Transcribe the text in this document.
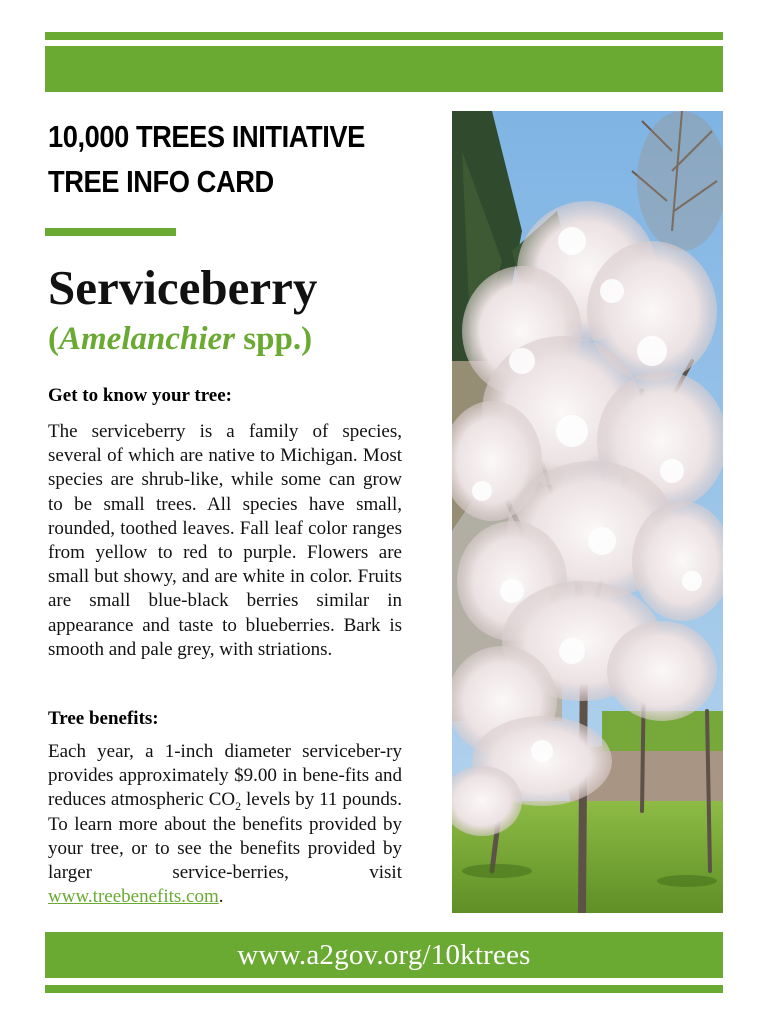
10,000 TREES INITIATIVE
TREE INFO CARD
Serviceberry
(Amelanchier spp.)
Get to know your tree:
The serviceberry is a family of species, several of which are native to Michigan. Most species are shrub-like, while some can grow to be small trees. All species have small, rounded, toothed leaves. Fall leaf color ranges from yellow to red to purple. Flowers are small but showy, and are white in color. Fruits are small blue-black berries similar in appearance and taste to blueberries. Bark is smooth and pale grey, with striations.
Tree benefits:
Each year, a 1-inch diameter serviceber-ry provides approximately $9.00 in bene-fits and reduces atmospheric $CO_2$ levels by 11 pounds. To learn more about the benefits provided by your tree, or to see the benefits provided by larger service-berries, visit www.treebenefits.com.
www.a2gov.org/10ktrees
